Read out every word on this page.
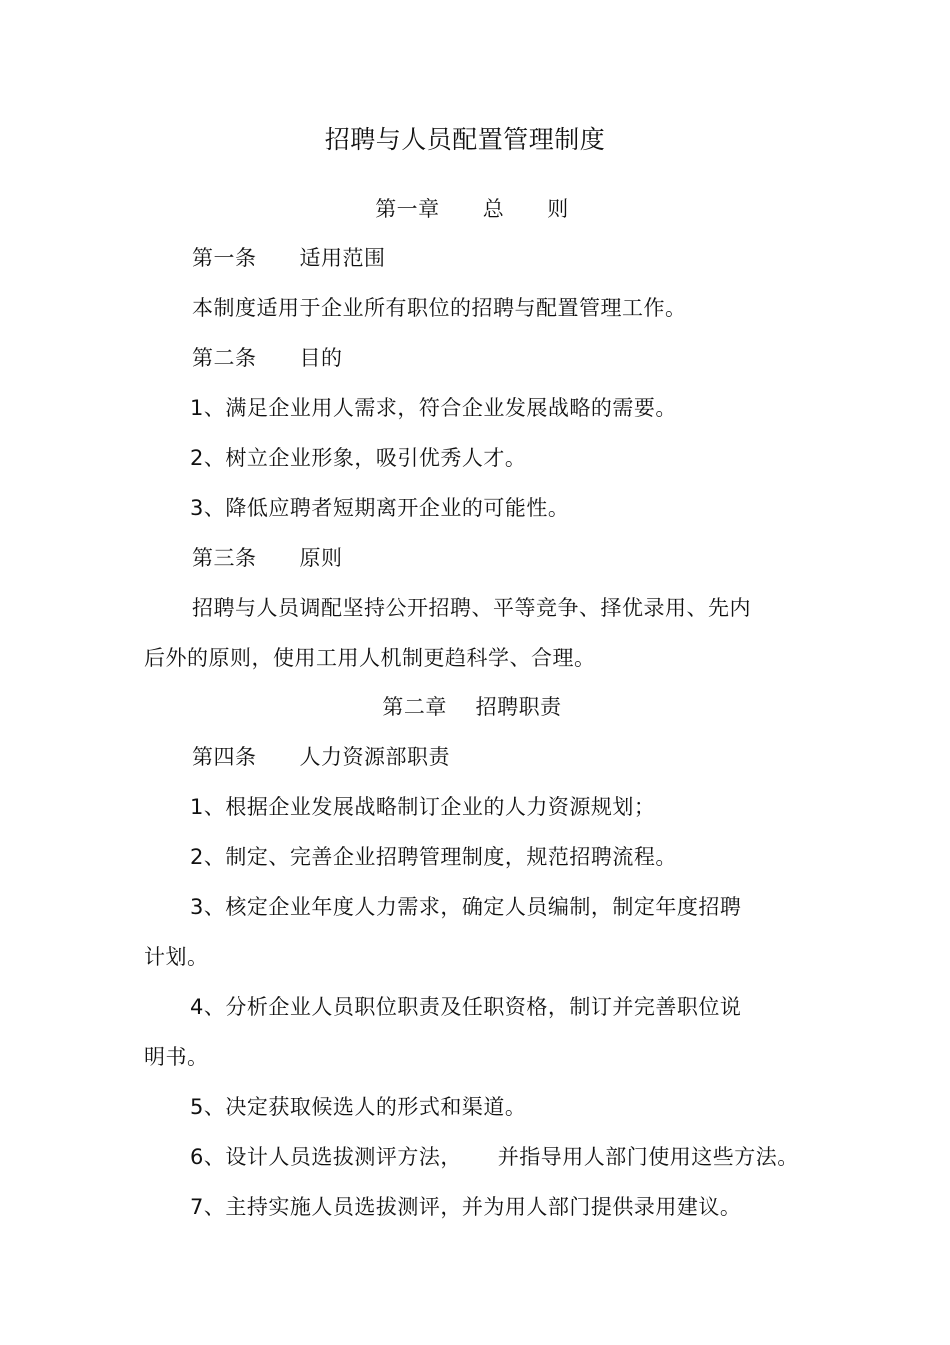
招聘与人员配置管理制度
第一章      总      则
第一条      适用范围
本制度适用于企业所有职位的招聘与配置管理工作。
第二条      目的
1、满足企业用人需求，符合企业发展战略的需要。
2、树立企业形象，吸引优秀人才。
3、降低应聘者短期离开企业的可能性。
第三条      原则
招聘与人员调配坚持公开招聘、平等竞争、择优录用、先内
后外的原则，使用工用人机制更趋科学、合理。
第二章    招聘职责
第四条      人力资源部职责
1、根据企业发展战略制订企业的人力资源规划；
2、制定、完善企业招聘管理制度，规范招聘流程。
3、核定企业年度人力需求，确定人员编制，制定年度招聘
计划。
4、分析企业人员职位职责及任职资格，制订并完善职位说
明书。
5、决定获取候选人的形式和渠道。
6、设计人员选拔测评方法，     并指导用人部门使用这些方法。
7、主持实施人员选拔测评，并为用人部门提供录用建议。
